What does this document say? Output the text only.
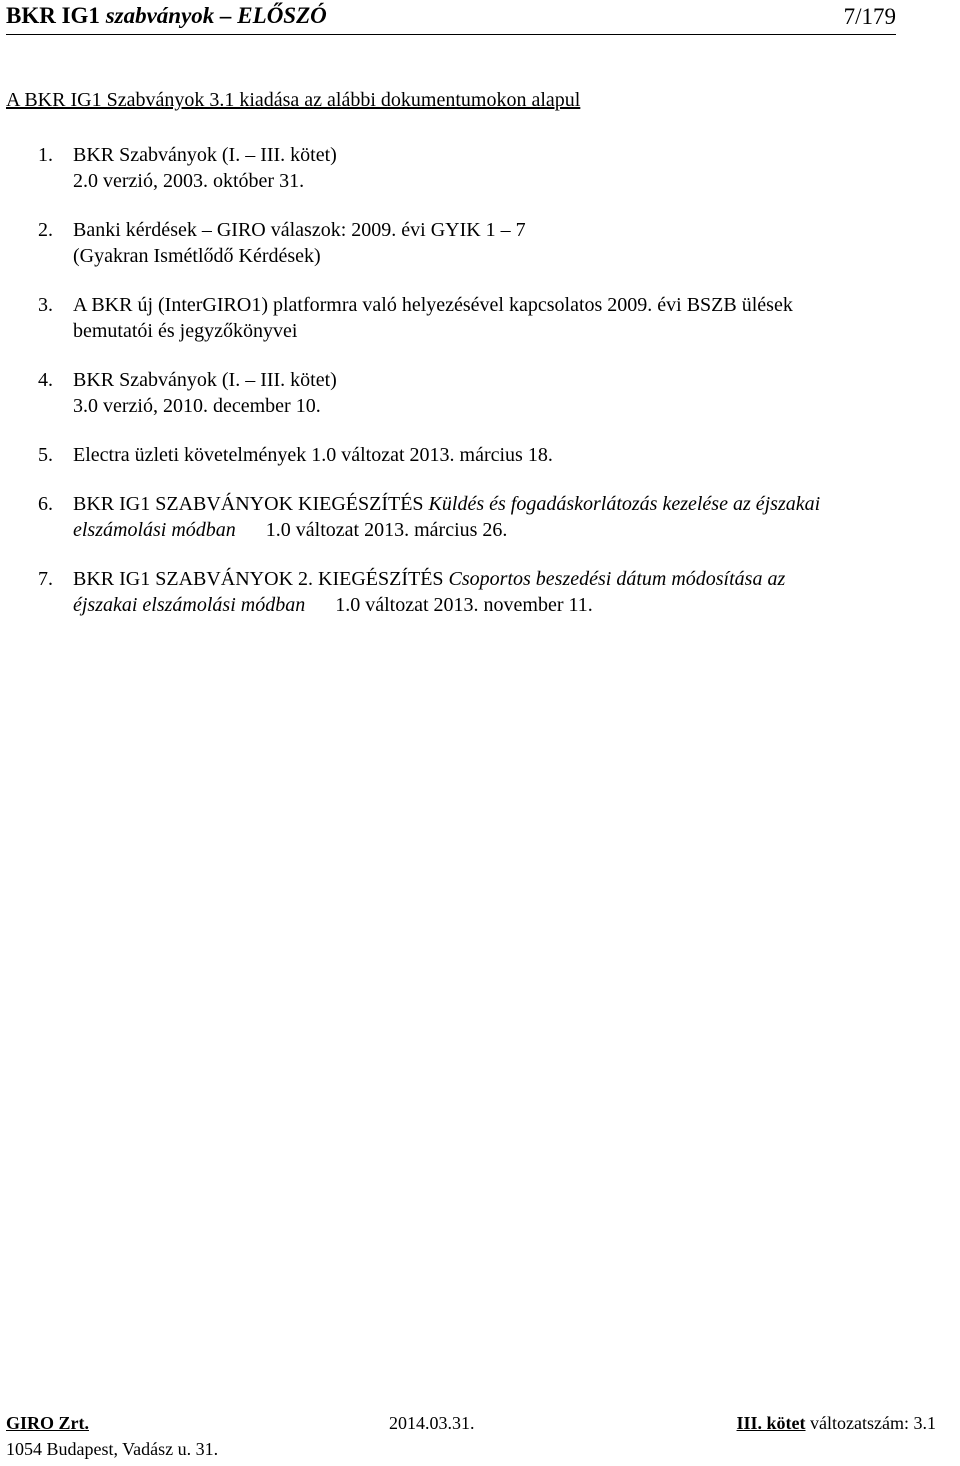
BKR IG1 szabványok – ELŐSZÓ	7/179
A BKR IG1 Szabványok 3.1 kiadása az alábbi dokumentumokon alapul
1. BKR Szabványok (I. – III. kötet)
2.0 verzió, 2003. október 31.
2. Banki kérdések – GIRO válaszok: 2009. évi GYIK 1 – 7
(Gyakran Ismétlődő Kérdések)
3. A BKR új (InterGIRO1) platformra való helyezésével kapcsolatos 2009. évi BSZB ülések
bemutatói és jegyzőkönyvei
4. BKR Szabványok (I. – III. kötet)
3.0 verzió, 2010. december 10.
5. Electra üzleti követelmények 1.0 változat 2013. március 18.
6. BKR IG1 SZABVÁNYOK KIEGÉSZÍTÉS Küldés és fogadáskorlátozás kezelése az éjszakai
elszámolási módban 1.0 változat 2013. március 26.
7. BKR IG1 SZABVÁNYOK 2. KIEGÉSZÍTÉS Csoportos beszedési dátum módosítása az
éjszakai elszámolási módban 1.0 változat 2013. november 11.
GIRO Zrt.	2014.03.31.	III. kötet változatszám: 3.1
1054 Budapest, Vadász u. 31.
